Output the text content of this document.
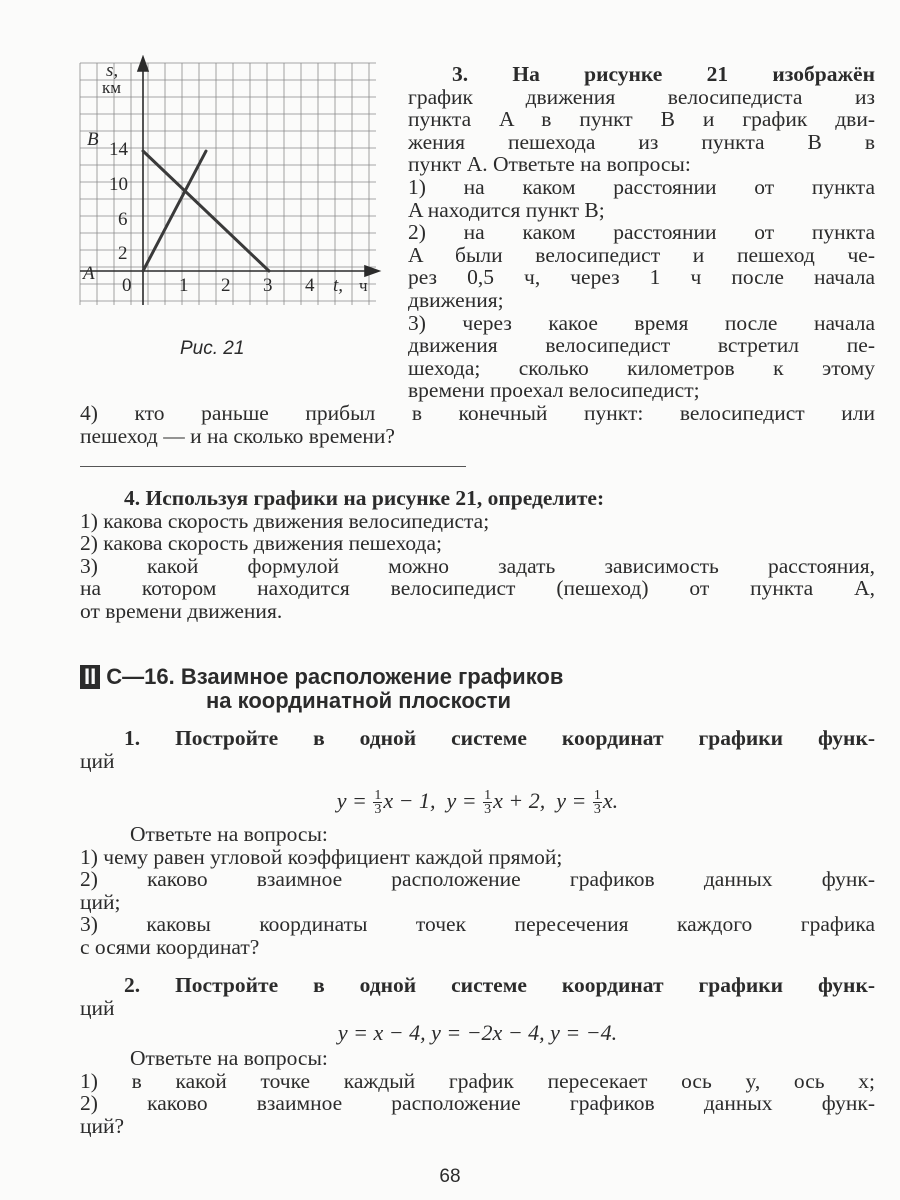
s,
км
B
A
14
10
6
2
0	1 2 3 4 t, ч
Рис. 21
3. На рисунке 21 изображён
график движения велосипедиста из
пункта A в пункт B и график дви-
жения пешехода из пункта B в
пункт A. Ответьте на вопросы:
1) на каком расстоянии от пункта
A находится пункт B;
2) на каком расстоянии от пункта
A были велосипедист и пешеход че-
рез 0,5 ч, через 1 ч после начала
движения;
3) через какое время после начала
движения велосипедист встретил пе-
шехода; сколько километров к этому
времени проехал велосипедист;
4) кто раньше прибыл в конечный пункт: велосипедист или
пешеход — и на сколько времени?
4. Используя графики на рисунке 21, определите:
1) какова скорость движения велосипедиста;
2) какова скорость движения пешехода;
3) какой формулой можно задать зависимость расстояния,
на котором находится велосипедист (пешеход) от пункта A,
от времени движения.
II С—16. Взаимное расположение графиков
на координатной плоскости
1. Постройте в одной системе координат графики функ-
ций
$y = \frac{1}{3}$ x − 1, $y = \frac{1}{3}$ x + 2, $y = \frac{1}{3} x$.
Ответьте на вопросы:
1) чему равен угловой коэффициент каждой прямой;
2) каково взаимное расположение графиков данных функ-
ций;
3) каковы координаты точек пересечения каждого графика
с осями координат?
2. Постройте в одной системе координат графики функ-
ций
y = x − 4, y = −2x − 4, y = −4.
Ответьте на вопросы:
1) в какой точке каждый график пересекает ось y, ось x;
2) каково взаимное расположение графиков данных функ-
ций?
68
